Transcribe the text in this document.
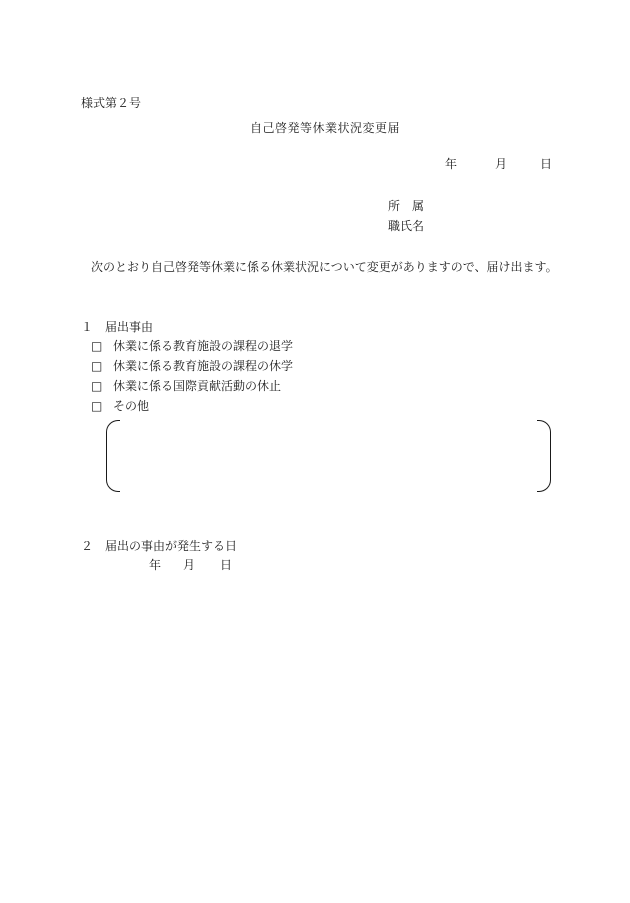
様式第２号
自己啓発等休業状況変更届
年	月	日
所　属
職氏名
次のとおり自己啓発等休業に係る休業状況について変更がありますので、届け出ます。
１　届出事由
□ 休業に係る教育施設の課程の退学
□ 休業に係る教育施設の課程の休学
□ 休業に係る国際貢献活動の休止
□ その他
２　届出の事由が発生する日
年 月 日
